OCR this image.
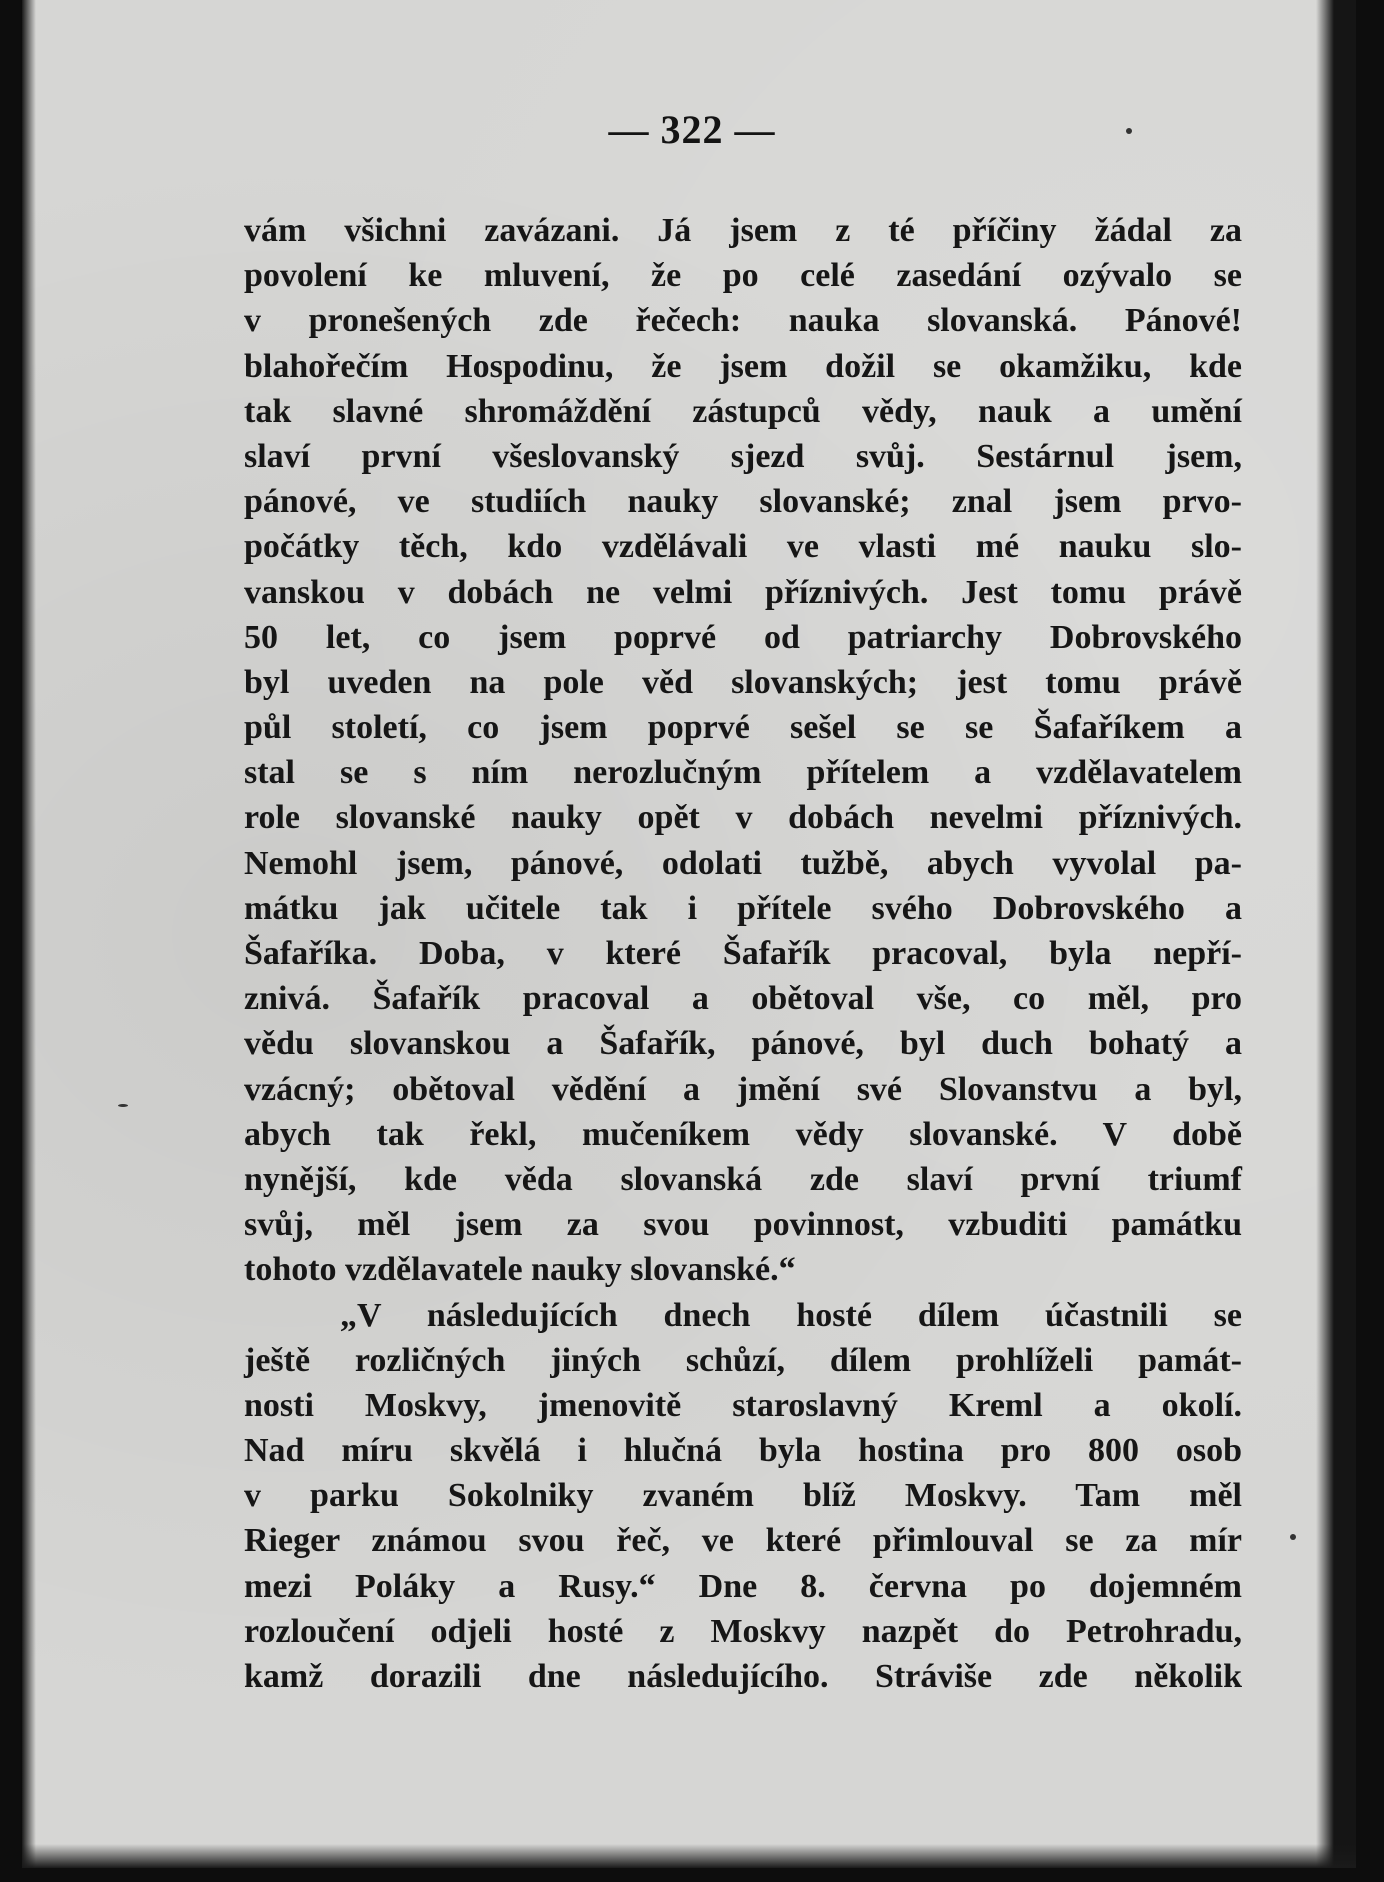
— 322 —
vám všichni zavázani. Já jsem z té příčiny žádal za
povolení ke mluvení, že po celé zasedání ozývalo se
v pronešených zde řečech: nauka slovanská. Pánové!
blahořečím Hospodinu, že jsem dožil se okamžiku, kde
tak slavné shromáždění zástupců vědy, nauk a umění
slaví první všeslovanský sjezd svůj. Sestárnul jsem,
pánové, ve studiích nauky slovanské; znal jsem prvo-
počátky těch, kdo vzdělávali ve vlasti mé nauku slo-
vanskou v dobách ne velmi příznivých. Jest tomu právě
50 let, co jsem poprvé od patriarchy Dobrovského
byl uveden na pole věd slovanských; jest tomu právě
půl století, co jsem poprvé sešel se se Šafaříkem a
stal se s ním nerozlučným přítelem a vzdělavatelem
role slovanské nauky opět v dobách nevelmi příznivých.
Nemohl jsem, pánové, odolati tužbě, abych vyvolal pa-
mátku jak učitele tak i přítele svého Dobrovského a
Šafaříka. Doba, v které Šafařík pracoval, byla nepří-
znivá. Šafařík pracoval a obětoval vše, co měl, pro
vědu slovanskou a Šafařík, pánové, byl duch bohatý a
vzácný; obětoval vědění a jmění své Slovanstvu a byl,
abych tak řekl, mučeníkem vědy slovanské. V době
nynější, kde věda slovanská zde slaví první triumf
svůj, měl jsem za svou povinnost, vzbuditi památku
tohoto vzdělavatele nauky slovanské.“
„V následujících dnech hosté dílem účastnili se
ještě rozličných jiných schůzí, dílem prohlíželi památ-
nosti Moskvy, jmenovitě staroslavný Kreml a okolí.
Nad míru skvělá i hlučná byla hostina pro 800 osob
v parku Sokolniky zvaném blíž Moskvy. Tam měl
Rieger známou svou řeč, ve které přimlouval se za mír
mezi Poláky a Rusy.“ Dne 8. června po dojemném
rozloučení odjeli hosté z Moskvy nazpět do Petrohradu,
kamž dorazili dne následujícího. Stráviše zde několik
